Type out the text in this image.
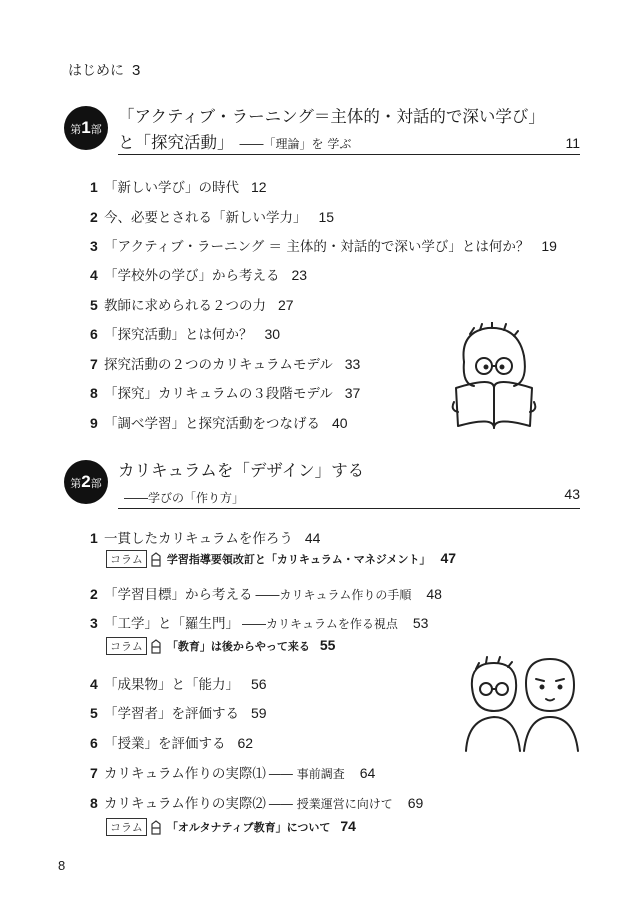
はじめに 3
第1部
「アクティブ・ラーニング＝主体的・対話的で深い学び」
と「探究活動」 ――「理論」を 学ぶ	11
1 「新しい学び」の時代 12
2 今、必要とされる「新しい学力」 15
3 「アクティブ・ラーニング ＝ 主体的・対話的で深い学び」とは何か？ 19
4 「学校外の学び」から考える 23
5 教師に求められる２つの力 27
6 「探究活動」とは何か？ 30
7 探究活動の２つのカリキュラムモデル 33
8 「探究」カリキュラムの３段階モデル 37
9 「調べ学習」と探究活動をつなげる 40
第2部
カリキュラムを「デザイン」する
――学びの「作り方」	43
1 一貫したカリキュラムを作ろう 44
コラム 学習指導要領改訂と「カリキュラム・マネジメント」 47
2 「学習目標」から考える ――カリキュラム作りの手順 48
3 「工学」と「羅生門」 ――カリキュラムを作る視点 53
コラム 「教育」は後からやって来る 55
4 「成果物」と「能力」 56
5 「学習者」を評価する 59
6 「授業」を評価する 62
7 カリキュラム作りの実際⑴ ―― 事前調査 64
8 カリキュラム作りの実際⑵ ―― 授業運営に向けて 69
コラム 「オルタナティブ教育」について 74
8
